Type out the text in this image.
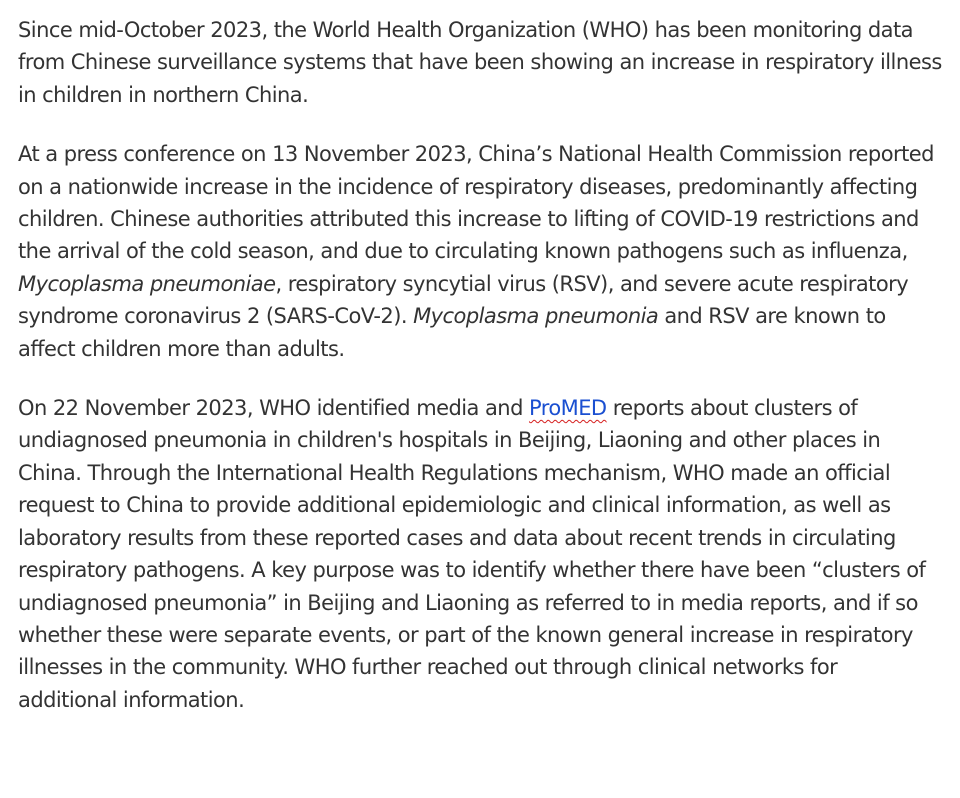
Since mid-October 2023, the World Health Organization (WHO) has been monitoring data from Chinese surveillance systems that have been showing an increase in respiratory illness in children in northern China.

At a press conference on 13 November 2023, China’s National Health Commission reported on a nationwide increase in the incidence of respiratory diseases, predominantly affecting children. Chinese authorities attributed this increase to lifting of COVID-19 restrictions and the arrival of the cold season, and due to circulating known pathogens such as influenza, Mycoplasma pneumoniae, respiratory syncytial virus (RSV), and severe acute respiratory syndrome coronavirus 2 (SARS-CoV-2). Mycoplasma pneumonia and RSV are known to affect children more than adults.

On 22 November 2023, WHO identified media and ProMED reports about clusters of undiagnosed pneumonia in children's hospitals in Beijing, Liaoning and other places in China. Through the International Health Regulations mechanism, WHO made an official request to China to provide additional epidemiologic and clinical information, as well as laboratory results from these reported cases and data about recent trends in circulating respiratory pathogens. A key purpose was to identify whether there have been “clusters of undiagnosed pneumonia” in Beijing and Liaoning as referred to in media reports, and if so whether these were separate events, or part of the known general increase in respiratory illnesses in the community. WHO further reached out through clinical networks for additional information.
